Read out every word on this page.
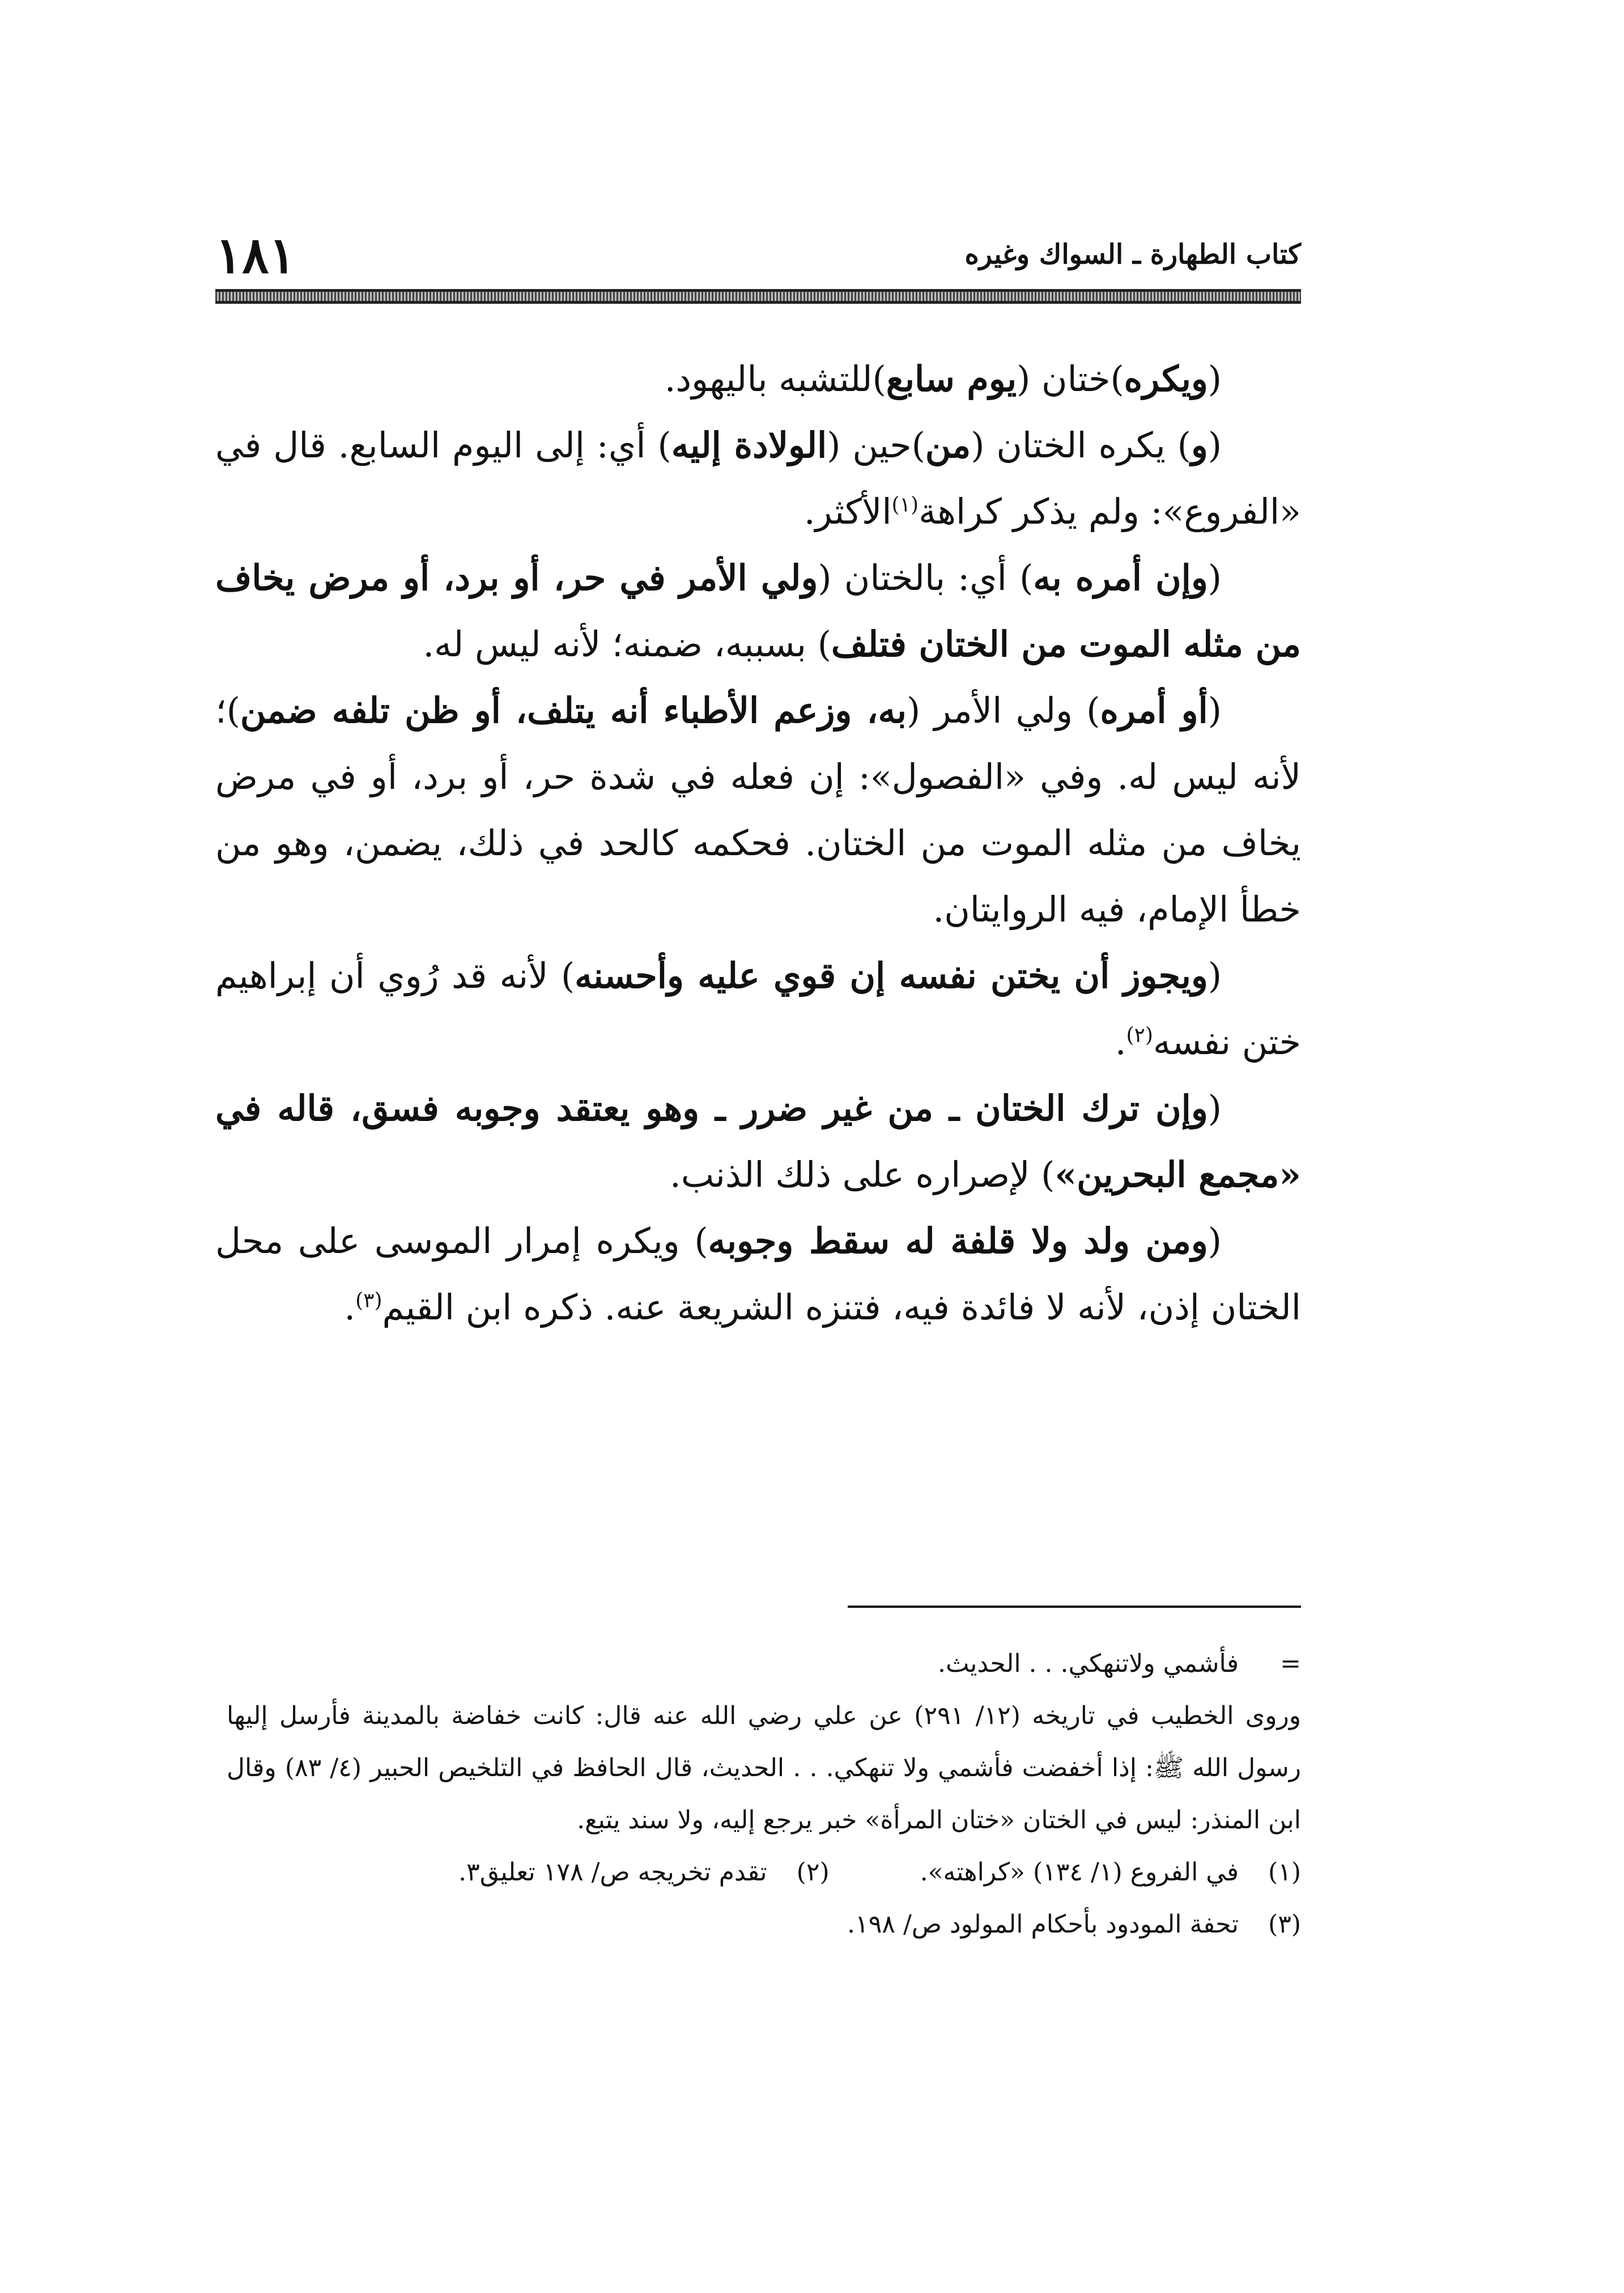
١٨١	كتاب الطهارة ـ السواك وغيره

(ويكره)ختان (يوم سابع)للتشبه باليهود.

(و) يكره الختان (من)حين (الولادة إليه) أي: إلى اليوم السابع. قال في «الفروع»: ولم يذكر كراهة$^{(١)}$الأكثر.

(وإن أمره به) أي: بالختان (ولي الأمر في حر، أو برد، أو مرض يخاف من مثله الموت من الختان فتلف) بسببه، ضمنه؛ لأنه ليس له.

(أو أمره) ولي الأمر (به، وزعم الأطباء أنه يتلف، أو ظن تلفه ضمن)؛ لأنه ليس له. وفي «الفصول»: إن فعله في شدة حر، أو برد، أو في مرض يخاف من مثله الموت من الختان. فحكمه كالحد في ذلك، يضمن، وهو من خطأ الإمام، فيه الروايتان.

(ويجوز أن يختن نفسه إن قوي عليه وأحسنه) لأنه قد رُوي أن إبراهيم ختن نفسه$^{(٢)}$.

(وإن ترك الختان ـ من غير ضرر ـ وهو يعتقد وجوبه فسق، قاله في «مجمع البحرين») لإصراره على ذلك الذنب.

(ومن ولد ولا قلفة له سقط وجوبه) ويكره إمرار الموسى على محل الختان إذن، لأنه لا فائدة فيه، فتنزه الشريعة عنه. ذكره ابن القيم$^{(٣)}$.

=
فأشمي ولاتنهكي. . . الحديث.

وروى الخطيب في تاريخه (١٢/ ٢٩١) عن علي رضي الله عنه قال: كانت خفاضة بالمدينة فأرسل إليها رسول الله ﷺ: إذا أخفضت فأشمي ولا تنهكي. . . الحديث، قال الحافظ في التلخيص الحبير (٤/ ٨٣) وقال ابن المنذر: ليس في الختان «ختان المرأة» خبر يرجع إليه، ولا سند يتبع.

(١)
في الفروع (١/ ١٣٤) «كراهته».
(٢)
تقدم تخريجه ص/ ١٧٨ تعليق٣.
(٣)
تحفة المودود بأحكام المولود ص/ ١٩٨.
